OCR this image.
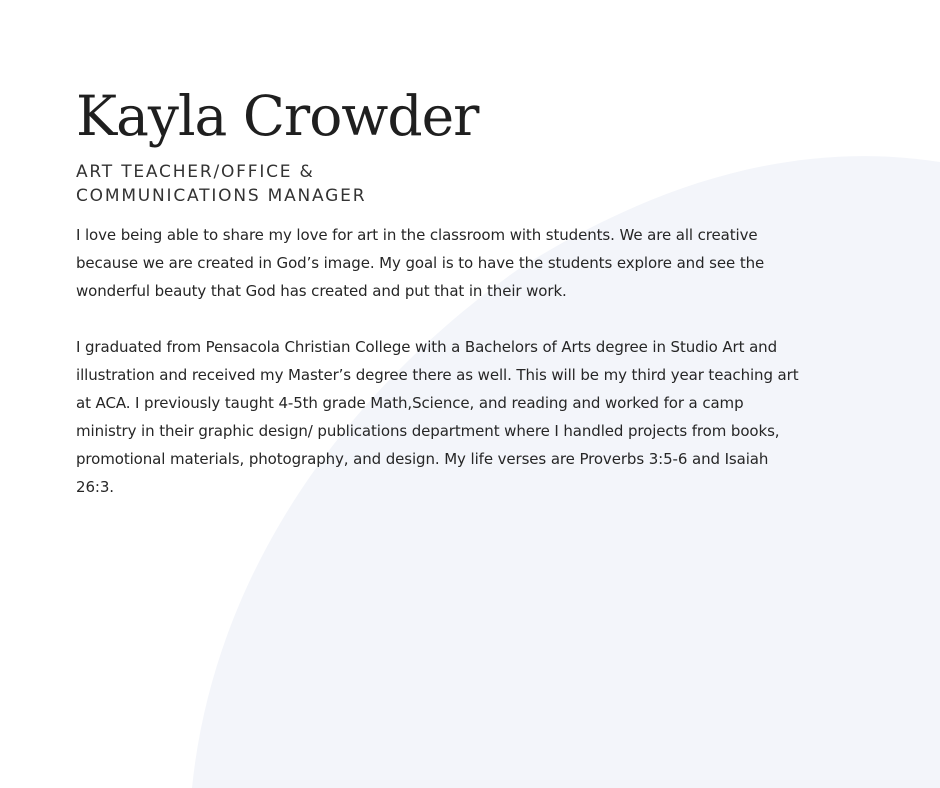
Kayla Crowder
ART TEACHER/OFFICE & COMMUNICATIONS MANAGER

I love being able to share my love for art in the classroom with students. We are all creative because we are created in God’s image. My goal is to have the students explore and see the wonderful beauty that God has created and put that in their work.

I graduated from Pensacola Christian College with a Bachelors of Arts degree in Studio Art and illustration and received my Master’s degree there as well. This will be my third year teaching art at ACA. I previously taught 4-5th grade Math,Science, and reading and worked for a camp ministry in their graphic design/ publications department where I handled projects from books, promotional materials, photography, and design. My life verses are Proverbs 3:5-6 and Isaiah 26:3.
